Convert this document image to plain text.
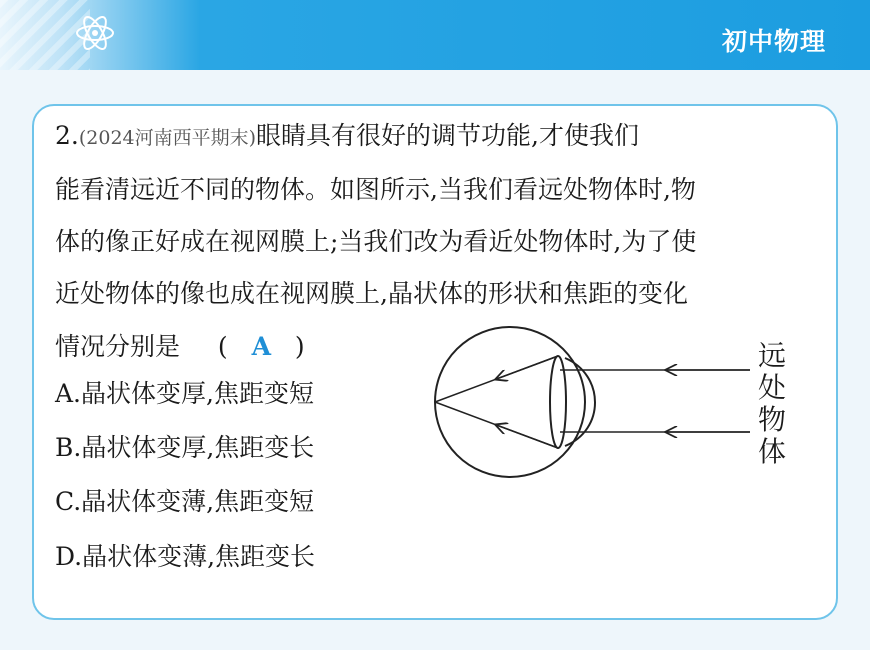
初中物理
2.(2024河南西平期末)眼睛具有很好的调节功能,才使我们
能看清远近不同的物体。如图所示,当我们看远处物体时,物
体的像正好成在视网膜上;当我们改为看近处物体时,为了使
近处物体的像也成在视网膜上,晶状体的形状和焦距的变化
情况分别是 ( A )
A.晶状体变厚,焦距变短
B.晶状体变厚,焦距变长
C.晶状体变薄,焦距变短
D.晶状体变薄,焦距变长
远
处
物
体
